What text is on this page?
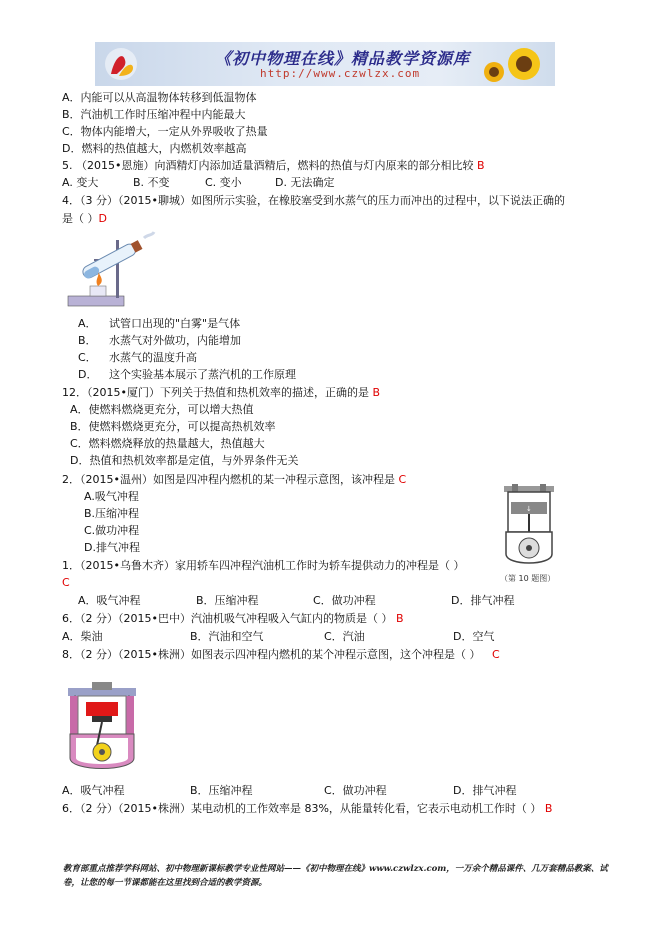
《初中物理在线》精品教学资源库
http://www.czwlzx.com
A．内能可以从高温物体转移到低温物体
B．汽油机工作时压缩冲程中内能最大
C．物体内能增大，一定从外界吸收了热量
D．燃料的热值越大，内燃机效率越高
5. （2015•恩施）向酒精灯内添加适量酒精后，燃料的热值与灯内原来的部分相比较 B
A. 变大	B. 不变	C. 变小	D. 无法确定
4．（3 分）（2015•聊城）如图所示实验，在橡胶塞受到水蒸气的压力而冲出的过程中，以下说法正确的
是（ ）D
A． 试管口出现的"白雾"是气体
B． 水蒸气对外做功，内能增加
C． 水蒸气的温度升高
D． 这个实验基本展示了蒸汽机的工作原理
12．（2015•厦门）下列关于热值和热机效率的描述，正确的是 B
A．使燃料燃烧更充分，可以增大热值
B．使燃料燃烧更充分，可以提高热机效率
C．燃料燃烧释放的热量越大，热值越大
D．热值和热机效率都是定值，与外界条件无关
2．（2015•温州）如图是四冲程内燃机的某一冲程示意图，该冲程是 C
A.吸气冲程
B.压缩冲程
C.做功冲程
D.排气冲程
↓
（第 10 题图）
1．（2015•乌鲁木齐）家用轿车四冲程汽油机工作时为轿车提供动力的冲程是（ ）
C
A．吸气冲程	B．压缩冲程	C．做功冲程	D．排气冲程
6．（2 分）（2015•巴中）汽油机吸气冲程吸入气缸内的物质是（ ） B
A．柴油	B．汽油和空气	C．汽油	D．空气
8．（2 分）（2015•株洲）如图表示四冲程内燃机的某个冲程示意图，这个冲程是（ ） C
A．吸气冲程	B．压缩冲程	C．做功冲程	D．排气冲程
6．（2 分）（2015•株洲）某电动机的工作效率是 83%，从能量转化看，它表示电动机工作时（ ） B
教育部重点推荐学科网站、初中物理新课标教学专业性网站——《初中物理在线》www.czwlzx.com，一万余个精品课件、几万套精品教案、试卷，让您的每一节课都能在这里找到合适的教学资源。
